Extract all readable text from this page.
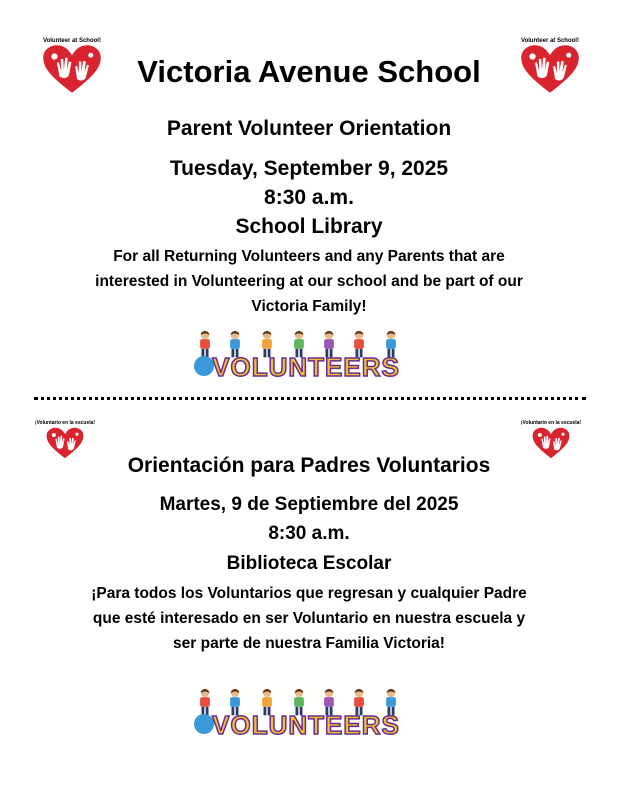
Volunteer at School!	Volunteer at School!
Victoria Avenue School
Parent Volunteer Orientation
Tuesday, September 9, 2025
8:30 a.m.
School Library
For all Returning Volunteers and any Parents that are
interested in Volunteering at our school and be part of our
Victoria Family!
VOLUNTEERS
¡Voluntario en la escuela!	¡Voluntario en la escuela!
Orientación para Padres Voluntarios
Martes, 9 de Septiembre del 2025
8:30 a.m.
Biblioteca Escolar
¡Para todos los Voluntarios que regresan y cualquier Padre
que esté interesado en ser Voluntario en nuestra escuela y
ser parte de nuestra Familia Victoria!
VOLUNTEERS
